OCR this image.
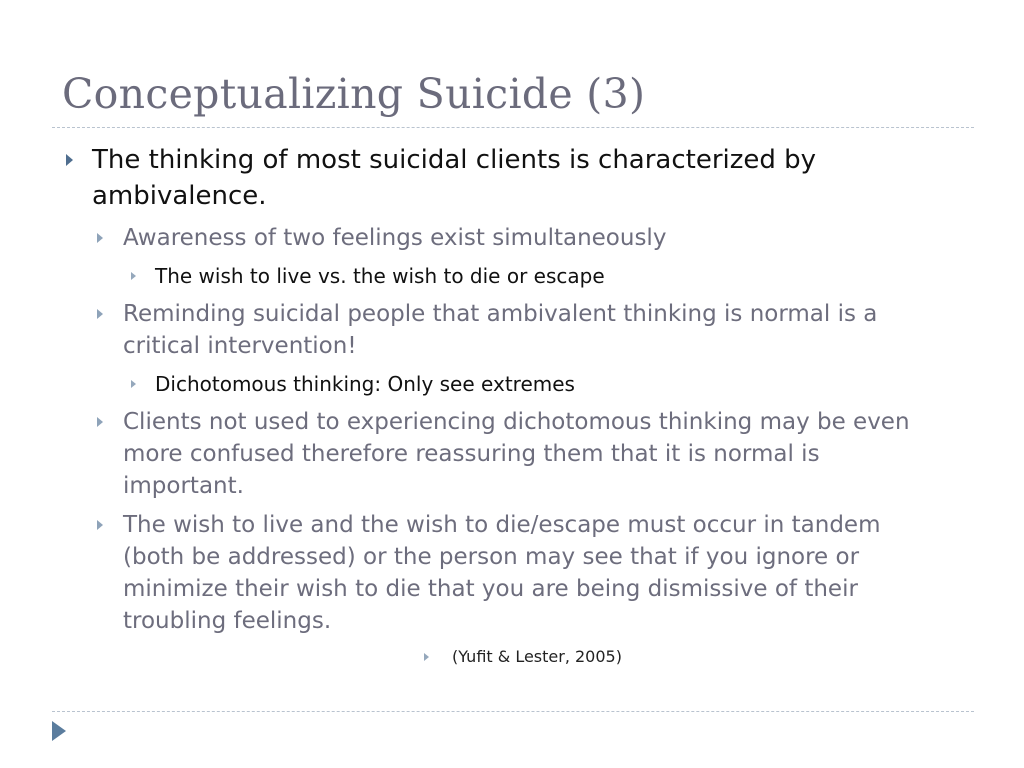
Conceptualizing Suicide (3)
The thinking of most suicidal clients is characterized by
ambivalence.
Awareness of two feelings exist simultaneously
The wish to live vs. the wish to die or escape
Reminding suicidal people that ambivalent thinking is normal is a
critical intervention!
Dichotomous thinking: Only see extremes
Clients not used to experiencing dichotomous thinking may be even
more confused therefore reassuring them that it is normal is
important.
The wish to live and the wish to die/escape must occur in tandem
(both be addressed) or the person may see that if you ignore or
minimize their wish to die that you are being dismissive of their
troubling feelings.
(Yufit & Lester, 2005)
